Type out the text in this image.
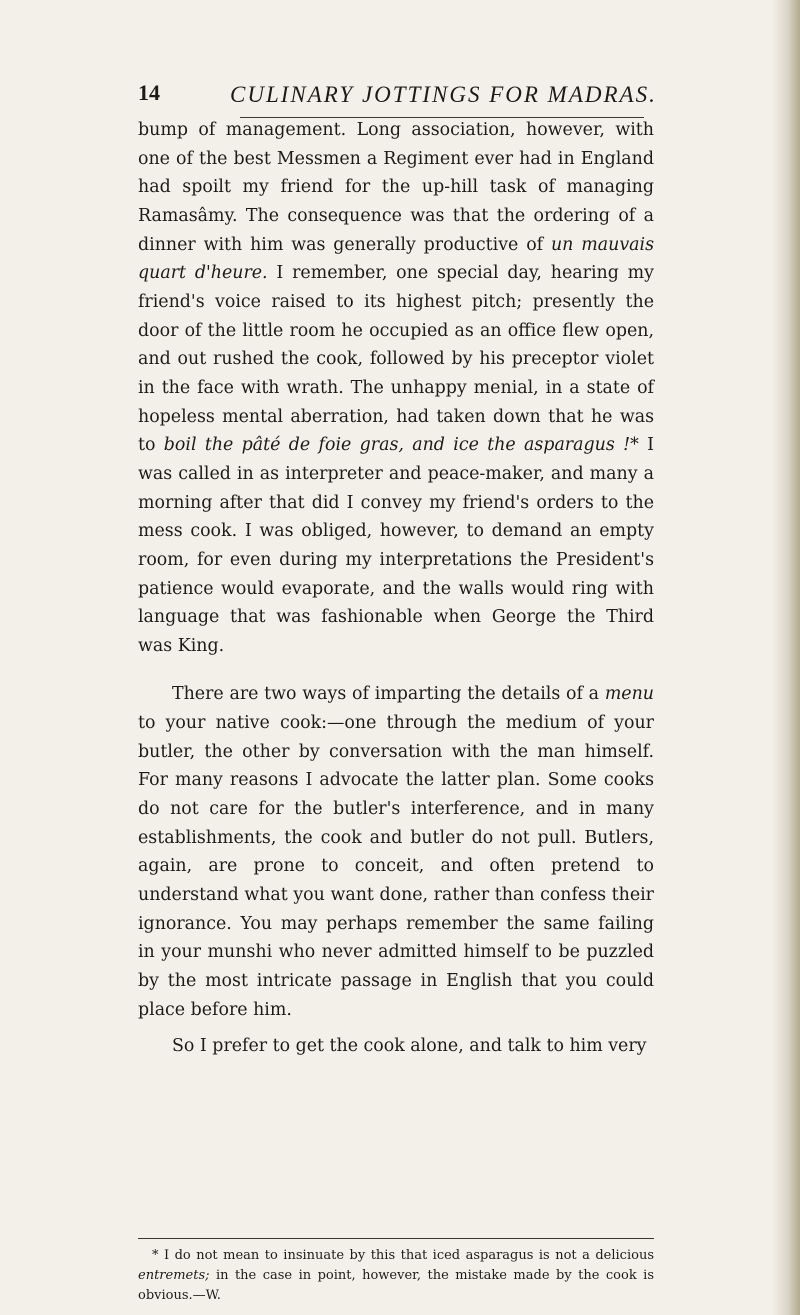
14	CULINARY JOTTINGS FOR MADRAS.

bump of management. Long association, however, with one of the best Messmen a Regiment ever had in England had spoilt my friend for the up-hill task of managing Ramasâmy. The consequence was that the ordering of a dinner with him was generally productive of un mauvais quart d'heure. I remember, one special day, hearing my friend's voice raised to its highest pitch; presently the door of the little room he occupied as an office flew open, and out rushed the cook, followed by his preceptor violet in the face with wrath. The unhappy menial, in a state of hopeless mental aberration, had taken down that he was to boil the pâté de foie gras, and ice the asparagus !* I was called in as interpreter and peace-maker, and many a morning after that did I convey my friend's orders to the mess cook. I was obliged, however, to demand an empty room, for even during my interpretations the President's patience would evaporate, and the walls would ring with language that was fashionable when George the Third was King.

There are two ways of imparting the details of a menu to your native cook:—one through the medium of your butler, the other by conversation with the man himself. For many reasons I advocate the latter plan. Some cooks do not care for the butler's interference, and in many establishments, the cook and butler do not pull. Butlers, again, are prone to conceit, and often pretend to understand what you want done, rather than confess their ignorance. You may perhaps remember the same failing in your munshi who never admitted himself to be puzzled by the most intricate passage in English that you could place before him.

So I prefer to get the cook alone, and talk to him very

* I do not mean to insinuate by this that iced asparagus is not a delicious entremets; in the case in point, however, the mistake made by the cook is obvious.—W.
